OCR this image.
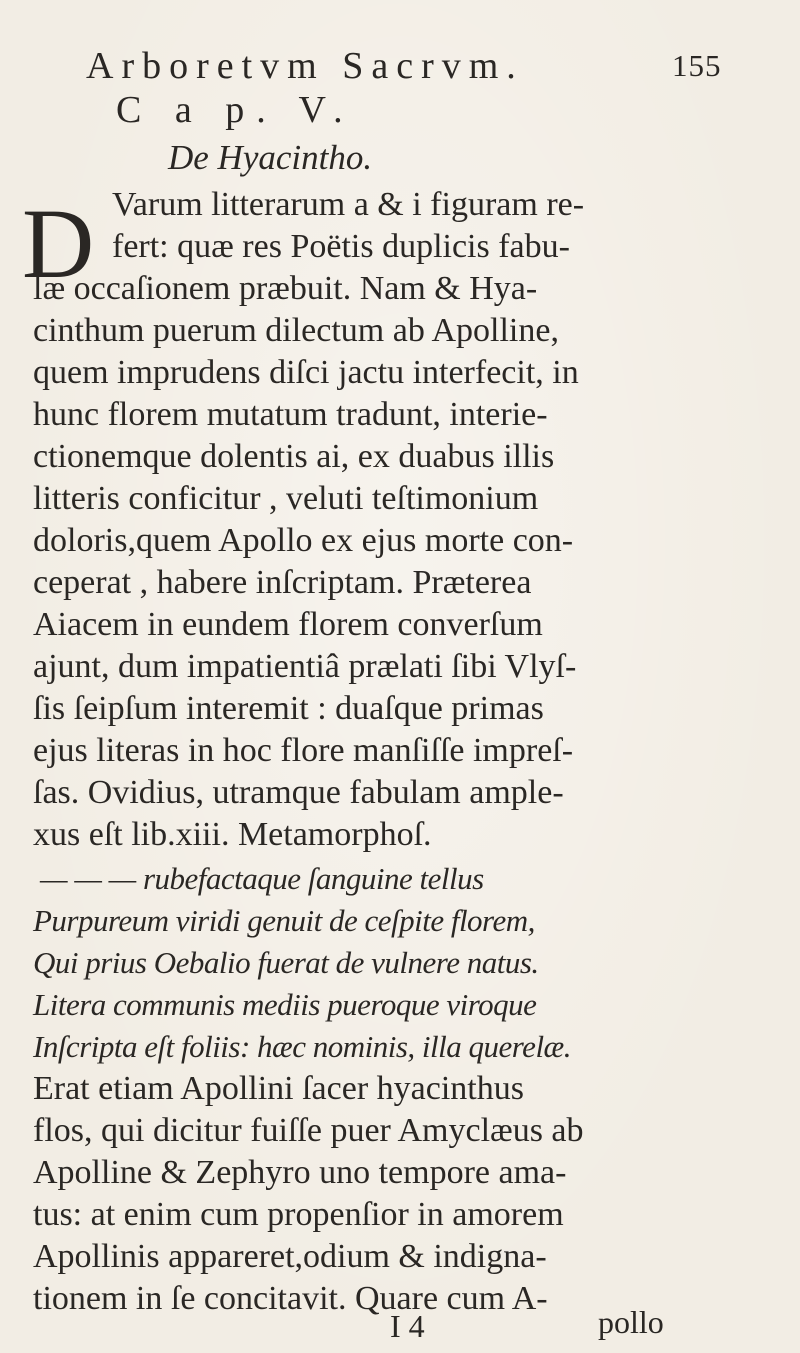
Arboretvm Sacrvm.	155
C a p. V.
De Hyacintho.
D Varum litterarum a & i figuram re-
fert: quæ res Poëtis duplicis fabu-
læ occaſionem præbuit. Nam & Hya-
cinthum puerum dilectum ab Apolline,
quem imprudens diſci jactu interfecit, in
hunc florem mutatum tradunt, interie-
ctionemque dolentis ai, ex duabus illis
litteris conficitur , veluti teſtimonium
doloris,quem Apollo ex ejus morte con-
ceperat , habere inſcriptam. Præterea
Aiacem in eundem florem converſum
ajunt, dum impatientiâ prælati ſibi Vlyſ-
ſis ſeipſum interemit : duaſque primas
ejus literas in hoc flore manſiſſe impreſ-
ſas. Ovidius, utramque fabulam ample-
xus eſt lib.xiii. Metamorphoſ.
— — — rubefactaque ſanguine tellus
Purpureum viridi genuit de ceſpite florem,
Qui prius Oebalio fuerat de vulnere natus.
Litera communis mediis pueroque viroque
Inſcripta eſt foliis: hæc nominis, illa querelæ.
Erat etiam Apollini ſacer hyacinthus
flos, qui dicitur fuiſſe puer Amyclæus ab
Apolline & Zephyro uno tempore ama-
tus: at enim cum propenſior in amorem
Apollinis appareret,odium & indigna-
tionem in ſe concitavit. Quare cum A-
I 4	pollo
